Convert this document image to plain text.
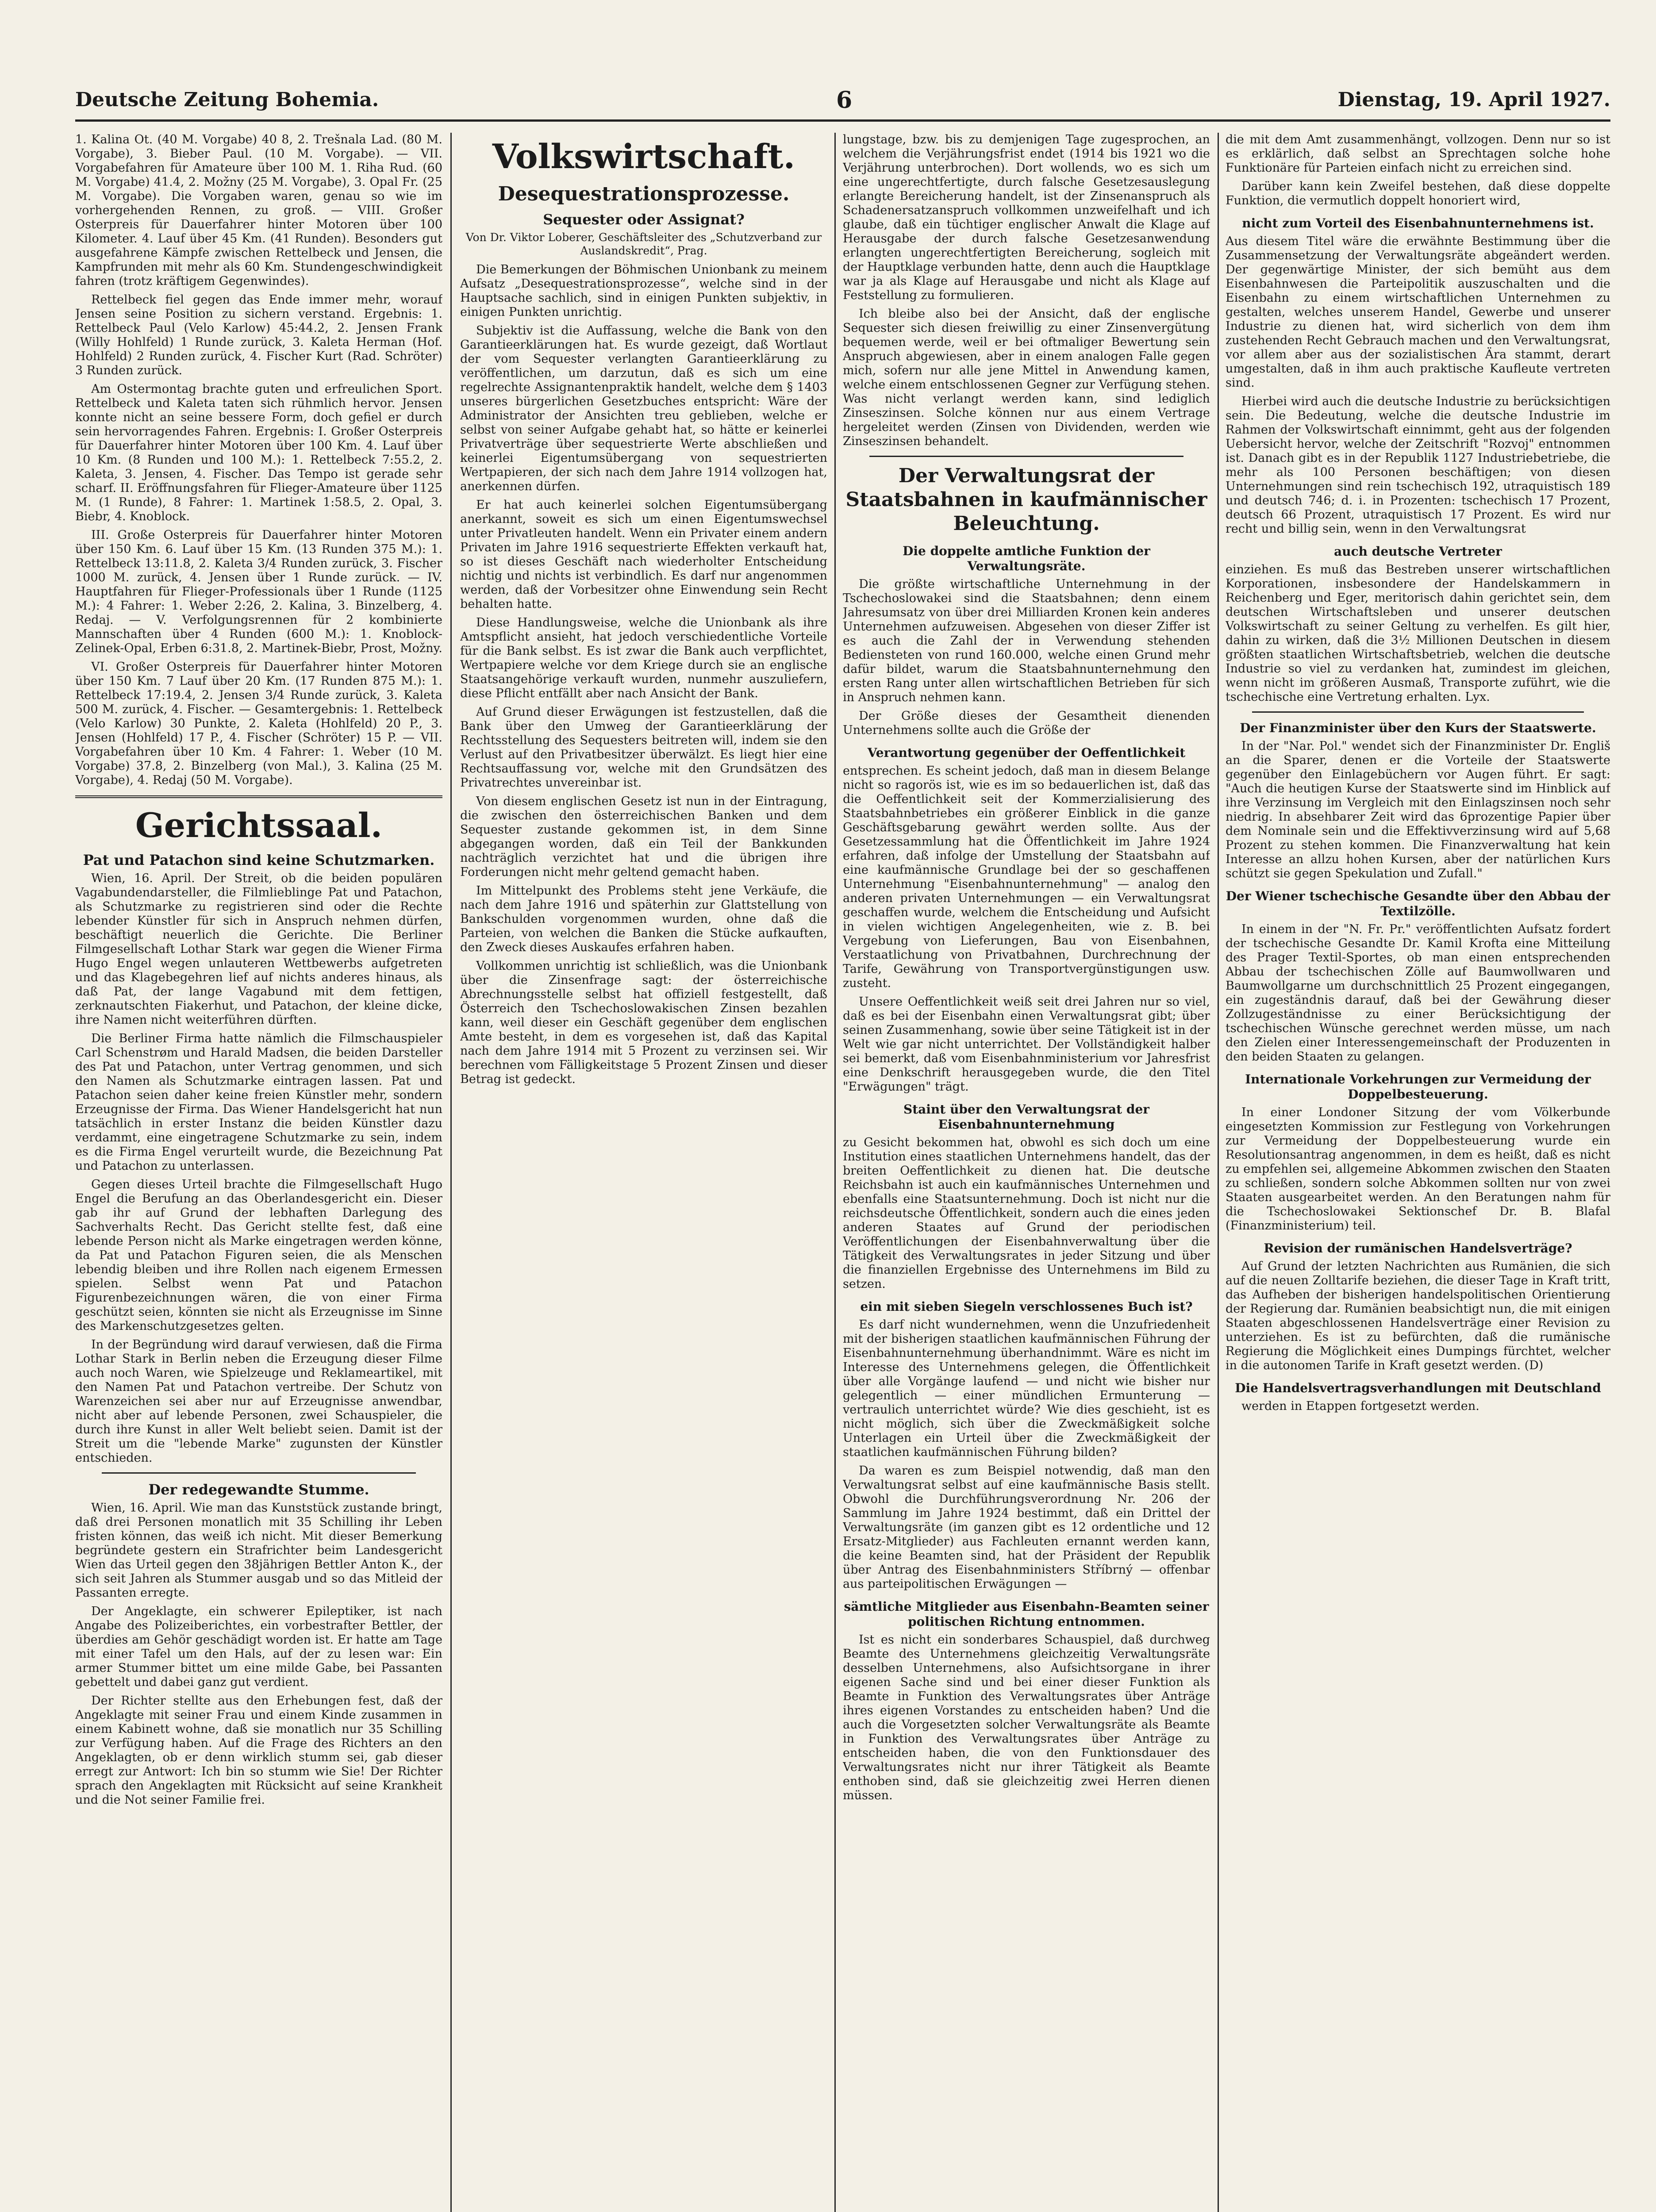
Deutsche Zeitung Bohemia.	6	Dienstag, 19. April 1927.

1. Kalina Ot. (40 M. Vorgabe) 40 8, 2. Trešnala Lad. (80 M. Vorgabe), 3. Bieber Paul. (10 M. Vorgabe). — VII. Vorgabefahren für Amateure über 100 M. 1. Riha Rud. (60 M. Vorgabe) 41.4, 2. Možny (25 M. Vorgabe), 3. Opal Fr. (25 M. Vorgabe). Die Vorgaben waren, genau so wie im vorhergehenden Rennen, zu groß. — VIII. Großer Osterpreis für Dauerfahrer hinter Motoren über 100 Kilometer. 4. Lauf über 45 Km. (41 Runden). Besonders gut ausgefahrene Kämpfe zwischen Rettelbeck und Jensen, die Kampfrunden mit mehr als 60 Km. Stundengeschwindigkeit fahren (trotz kräftigem Gegenwindes).

Rettelbeck fiel gegen das Ende immer mehr, worauf Jensen seine Position zu sichern verstand. Ergebnis: 1. Rettelbeck Paul (Velo Karlow) 45:44.2, 2. Jensen Frank (Willy Hohlfeld) 1 Runde zurück, 3. Kaleta Herman (Hof. Hohlfeld) 2 Runden zurück, 4. Fischer Kurt (Rad. Schröter) 3 Runden zurück.

Am Ostermontag brachte guten und erfreulichen Sport. Rettelbeck und Kaleta taten sich rühmlich hervor. Jensen konnte nicht an seine bessere Form, doch gefiel er durch sein hervorragendes Fahren. Ergebnis: I. Großer Osterpreis für Dauerfahrer hinter Motoren über 100 Km. 4. Lauf über 10 Km. (8 Runden und 100 M.): 1. Rettelbeck 7:55.2, 2. Kaleta, 3. Jensen, 4. Fischer. Das Tempo ist gerade sehr scharf. II. Eröffnungsfahren für Flieger-Amateure über 1125 M. (1 Runde), 8 Fahrer: 1. Martinek 1:58.5, 2. Opal, 3. Biebr, 4. Knoblock.

III. Große Osterpreis für Dauerfahrer hinter Motoren über 150 Km. 6. Lauf über 15 Km. (13 Runden 375 M.): 1. Rettelbeck 13:11.8, 2. Kaleta 3/4 Runden zurück, 3. Fischer 1000 M. zurück, 4. Jensen über 1 Runde zurück. — IV. Hauptfahren für Flieger-Professionals über 1 Runde (1125 M.): 4 Fahrer: 1. Weber 2:26, 2. Kalina, 3. Binzelberg, 4. Redaj. — V. Verfolgungsrennen für 2 kombinierte Mannschaften über 4 Runden (600 M.): 1. Knoblock-Zelinek-Opal, Erben 6:31.8, 2. Martinek-Biebr, Prost, Možny.

VI. Großer Osterpreis für Dauerfahrer hinter Motoren über 150 Km. 7 Lauf über 20 Km. (17 Runden 875 M.): 1. Rettelbeck 17:19.4, 2. Jensen 3/4 Runde zurück, 3. Kaleta 500 M. zurück, 4. Fischer. — Gesamtergebnis: 1. Rettelbeck (Velo Karlow) 30 Punkte, 2. Kaleta (Hohlfeld) 20 P., 3. Jensen (Hohlfeld) 17 P., 4. Fischer (Schröter) 15 P. — VII. Vorgabefahren über 10 Km. 4 Fahrer: 1. Weber (10 M. Vorgabe) 37.8, 2. Binzelberg (von Mal.), 3. Kalina (25 M. Vorgabe), 4. Redaj (50 M. Vorgabe).

Gerichtssaal.
Pat und Patachon sind keine Schutzmarken.

Wien, 16. April. Der Streit, ob die beiden populären Vagabundendarsteller, die Filmlieblinge Pat und Patachon, als Schutzmarke zu registrieren sind oder die Rechte lebender Künstler für sich in Anspruch nehmen dürfen, beschäftigt neuerlich die Gerichte. Die Berliner Filmgesellschaft Lothar Stark war gegen die Wiener Firma Hugo Engel wegen unlauteren Wettbewerbs aufgetreten und das Klagebegehren lief auf nichts anderes hinaus, als daß Pat, der lange Vagabund mit dem fettigen, zerknautschten Fiakerhut, und Patachon, der kleine dicke, ihre Namen nicht weiterführen dürften.

Die Berliner Firma hatte nämlich die Filmschauspieler Carl Schenstrøm und Harald Madsen, die beiden Darsteller des Pat und Patachon, unter Vertrag genommen, und sich den Namen als Schutzmarke eintragen lassen. Pat und Patachon seien daher keine freien Künstler mehr, sondern Erzeugnisse der Firma. Das Wiener Handelsgericht hat nun tatsächlich in erster Instanz die beiden Künstler dazu verdammt, eine eingetragene Schutzmarke zu sein, indem es die Firma Engel verurteilt wurde, die Bezeichnung Pat und Patachon zu unterlassen.

Gegen dieses Urteil brachte die Filmgesellschaft Hugo Engel die Berufung an das Oberlandesgericht ein. Dieser gab ihr auf Grund der lebhaften Darlegung des Sachverhalts Recht. Das Gericht stellte fest, daß eine lebende Person nicht als Marke eingetragen werden könne, da Pat und Patachon Figuren seien, die als Menschen lebendig bleiben und ihre Rollen nach eigenem Ermessen spielen. Selbst wenn Pat und Patachon Figurenbezeichnungen wären, die von einer Firma geschützt seien, könnten sie nicht als Erzeugnisse im Sinne des Markenschutzgesetzes gelten.

In der Begründung wird darauf verwiesen, daß die Firma Lothar Stark in Berlin neben die Erzeugung dieser Filme auch noch Waren, wie Spielzeuge und Reklameartikel, mit den Namen Pat und Patachon vertreibe. Der Schutz von Warenzeichen sei aber nur auf Erzeugnisse anwendbar, nicht aber auf lebende Personen, zwei Schauspieler, die durch ihre Kunst in aller Welt beliebt seien. Damit ist der Streit um die "lebende Marke" zugunsten der Künstler entschieden.

Der redegewandte Stumme.

Wien, 16. April. Wie man das Kunststück zustande bringt, daß drei Personen monatlich mit 35 Schilling ihr Leben fristen können, das weiß ich nicht. Mit dieser Bemerkung begründete gestern ein Strafrichter beim Landesgericht Wien das Urteil gegen den 38jährigen Bettler Anton K., der sich seit Jahren als Stummer ausgab und so das Mitleid der Passanten erregte.

Der Angeklagte, ein schwerer Epileptiker, ist nach Angabe des Polizeiberichtes, ein vorbestrafter Bettler, der überdies am Gehör geschädigt worden ist. Er hatte am Tage mit einer Tafel um den Hals, auf der zu lesen war: Ein armer Stummer bittet um eine milde Gabe, bei Passanten gebettelt und dabei ganz gut verdient.

Der Richter stellte aus den Erhebungen fest, daß der Angeklagte mit seiner Frau und einem Kinde zusammen in einem Kabinett wohne, daß sie monatlich nur 35 Schilling zur Verfügung haben. Auf die Frage des Richters an den Angeklagten, ob er denn wirklich stumm sei, gab dieser erregt zur Antwort: Ich bin so stumm wie Sie! Der Richter sprach den Angeklagten mit Rücksicht auf seine Krankheit und die Not seiner Familie frei.

Volkswirtschaft.
Desequestrationsprozesse.
Sequester oder Assignat?
Von Dr. Viktor Loberer, Geschäftsleiter des „Schutzverband zur Auslandskredit“, Prag.

Die Bemerkungen der Böhmischen Unionbank zu meinem Aufsatz „Desequestrationsprozesse“, welche sind in der Hauptsache sachlich, sind in einigen Punkten subjektiv, in einigen Punkten unrichtig.

Subjektiv ist die Auffassung, welche die Bank von den Garantieerklärungen hat. Es wurde gezeigt, daß Wortlaut der vom Sequester verlangten Garantieerklärung zu veröffentlichen, um darzutun, daß es sich um eine regelrechte Assignantenpraktik handelt, welche dem § 1403 unseres bürgerlichen Gesetzbuches entspricht: Wäre der Administrator der Ansichten treu geblieben, welche er selbst von seiner Aufgabe gehabt hat, so hätte er keinerlei Privatverträge über sequestrierte Werte abschließen und keinerlei Eigentumsübergang von sequestrierten Wertpapieren, der sich nach dem Jahre 1914 vollzogen hat, anerkennen dürfen.

Er hat auch keinerlei solchen Eigentumsübergang anerkannt, soweit es sich um einen Eigentumswechsel unter Privatleuten handelt. Wenn ein Privater einem andern Privaten im Jahre 1916 sequestrierte Effekten verkauft hat, so ist dieses Geschäft nach wiederholter Entscheidung nichtig und nichts ist verbindlich. Es darf nur angenommen werden, daß der Vorbesitzer ohne Einwendung sein Recht behalten hatte.

Diese Handlungsweise, welche die Unionbank als ihre Amtspflicht ansieht, hat jedoch verschiedentliche Vorteile für die Bank selbst. Es ist zwar die Bank auch verpflichtet, Wertpapiere welche vor dem Kriege durch sie an englische Staatsangehörige verkauft wurden, nunmehr auszuliefern, diese Pflicht entfällt aber nach Ansicht der Bank.

Auf Grund dieser Erwägungen ist festzustellen, daß die Bank über den Umweg der Garantieerklärung der Rechtsstellung des Sequesters beitreten will, indem sie den Verlust auf den Privatbesitzer überwälzt. Es liegt hier eine Rechtsauffassung vor, welche mit den Grundsätzen des Privatrechtes unvereinbar ist.

Von diesem englischen Gesetz ist nun in der Eintragung, die zwischen den österreichischen Banken und dem Sequester zustande gekommen ist, in dem Sinne abgegangen worden, daß ein Teil der Bankkunden nachträglich verzichtet hat und die übrigen ihre Forderungen nicht mehr geltend gemacht haben.

Im Mittelpunkt des Problems steht jene Verkäufe, die nach dem Jahre 1916 und späterhin zur Glattstellung von Bankschulden vorgenommen wurden, ohne daß die Parteien, von welchen die Banken die Stücke aufkauften, den Zweck dieses Auskaufes erfahren haben.

Vollkommen unrichtig ist schließlich, was die Unionbank über die Zinsenfrage sagt: der österreichische Abrechnungsstelle selbst hat offiziell festgestellt, daß Österreich den Tschechoslowakischen Zinsen bezahlen kann, weil dieser ein Geschäft gegenüber dem englischen Amte besteht, in dem es vorgesehen ist, daß das Kapital nach dem Jahre 1914 mit 5 Prozent zu verzinsen sei. Wir berechnen vom Fälligkeitstage 5 Prozent Zinsen und dieser Betrag ist gedeckt.

lungstage, bzw. bis zu demjenigen Tage zugesprochen, an welchem die Verjährungsfrist endet (1914 bis 1921 wo die Verjährung unterbrochen). Dort wollends, wo es sich um eine ungerechtfertigte, durch falsche Gesetzesauslegung erlangte Bereicherung handelt, ist der Zinsenanspruch als Schadenersatzanspruch vollkommen unzweifelhaft und ich glaube, daß ein tüchtiger englischer Anwalt die Klage auf Herausgabe der durch falsche Gesetzesanwendung erlangten ungerechtfertigten Bereicherung, sogleich mit der Hauptklage verbunden hatte, denn auch die Hauptklage war ja als Klage auf Herausgabe und nicht als Klage auf Feststellung zu formulieren.

Ich bleibe also bei der Ansicht, daß der englische Sequester sich diesen freiwillig zu einer Zinsenvergütung bequemen werde, weil er bei oftmaliger Bewertung sein Anspruch abgewiesen, aber in einem analogen Falle gegen mich, sofern nur alle jene Mittel in Anwendung kamen, welche einem entschlossenen Gegner zur Verfügung stehen. Was nicht verlangt werden kann, sind lediglich Zinseszinsen. Solche können nur aus einem Vertrage hergeleitet werden (Zinsen von Dividenden, werden wie Zinseszinsen behandelt.

Der Verwaltungsrat der Staatsbahnen in kaufmännischer Beleuchtung.
Die doppelte amtliche Funktion der Verwaltungsräte.

Die größte wirtschaftliche Unternehmung in der Tschechoslowakei sind die Staatsbahnen; denn einem Jahresumsatz von über drei Milliarden Kronen kein anderes Unternehmen aufzuweisen. Abgesehen von dieser Ziffer ist es auch die Zahl der in Verwendung stehenden Bediensteten von rund 160.000, welche einen Grund mehr dafür bildet, warum die Staatsbahnunternehmung den ersten Rang unter allen wirtschaftlichen Betrieben für sich in Anspruch nehmen kann.

Der Größe dieses der Gesamtheit dienenden Unternehmens sollte auch die Größe der

Verantwortung gegenüber der Oeffentlichkeit

entsprechen. Es scheint jedoch, daß man in diesem Belange nicht so ragorös ist, wie es im so bedauerlichen ist, daß das die Oeffentlichkeit seit der Kommerzialisierung des Staatsbahnbetriebes ein größerer Einblick in die ganze Geschäftsgebarung gewährt werden sollte. Aus der Gesetzessammlung hat die Öffentlichkeit im Jahre 1924 erfahren, daß infolge der Umstellung der Staatsbahn auf eine kaufmännische Grundlage bei der so geschaffenen Unternehmung "Eisenbahnunternehmung" — analog den anderen privaten Unternehmungen — ein Verwaltungsrat geschaffen wurde, welchem die Entscheidung und Aufsicht in vielen wichtigen Angelegenheiten, wie z. B. bei Vergebung von Lieferungen, Bau von Eisenbahnen, Verstaatlichung von Privatbahnen, Durchrechnung der Tarife, Gewährung von Transportvergünstigungen usw. zusteht.

Unsere Oeffentlichkeit weiß seit drei Jahren nur so viel, daß es bei der Eisenbahn einen Verwaltungsrat gibt; über seinen Zusammenhang, sowie über seine Tätigkeit ist in der Welt wie gar nicht unterrichtet. Der Vollständigkeit halber sei bemerkt, daß vom Eisenbahnministerium vor Jahresfrist eine Denkschrift herausgegeben wurde, die den Titel "Erwägungen" trägt.

Staint über den Verwaltungsrat der Eisenbahnunternehmung

zu Gesicht bekommen hat, obwohl es sich doch um eine Institution eines staatlichen Unternehmens handelt, das der breiten Oeffentlichkeit zu dienen hat. Die deutsche Reichsbahn ist auch ein kaufmännisches Unternehmen und ebenfalls eine Staatsunternehmung. Doch ist nicht nur die reichsdeutsche Öffentlichkeit, sondern auch die eines jeden anderen Staates auf Grund der periodischen Veröffentlichungen der Eisenbahnverwaltung über die Tätigkeit des Verwaltungsrates in jeder Sitzung und über die finanziellen Ergebnisse des Unternehmens im Bild zu setzen.

ein mit sieben Siegeln verschlossenes Buch ist?

Es darf nicht wundernehmen, wenn die Unzufriedenheit mit der bisherigen staatlichen kaufmännischen Führung der Eisenbahnunternehmung überhandnimmt. Wäre es nicht im Interesse des Unternehmens gelegen, die Öffentlichkeit über alle Vorgänge laufend — und nicht wie bisher nur gelegentlich — einer mündlichen Ermunterung — vertraulich unterrichtet würde? Wie dies geschieht, ist es nicht möglich, sich über die Zweckmäßigkeit solche Unterlagen ein Urteil über die Zweckmäßigkeit der staatlichen kaufmännischen Führung bilden?

Da waren es zum Beispiel notwendig, daß man den Verwaltungsrat selbst auf eine kaufmännische Basis stellt. Obwohl die Durchführungsverordnung Nr. 206 der Sammlung im Jahre 1924 bestimmt, daß ein Drittel der Verwaltungsräte (im ganzen gibt es 12 ordentliche und 12 Ersatz-Mitglieder) aus Fachleuten ernannt werden kann, die keine Beamten sind, hat der Präsident der Republik über Antrag des Eisenbahnministers Stříbrný — offenbar aus parteipolitischen Erwägungen —

sämtliche Mitglieder aus Eisenbahn-Beamten seiner politischen Richtung entnommen.

Ist es nicht ein sonderbares Schauspiel, daß durchweg Beamte des Unternehmens gleichzeitig Verwaltungsräte desselben Unternehmens, also Aufsichtsorgane in ihrer eigenen Sache sind und bei einer dieser Funktion als Beamte in Funktion des Verwaltungsrates über Anträge ihres eigenen Vorstandes zu entscheiden haben? Und die auch die Vorgesetzten solcher Verwaltungsräte als Beamte in Funktion des Verwaltungsrates über Anträge zu entscheiden haben, die von den Funktionsdauer des Verwaltungsrates nicht nur ihrer Tätigkeit als Beamte enthoben sind, daß sie gleichzeitig zwei Herren dienen müssen.

die mit dem Amt zusammenhängt, vollzogen. Denn nur so ist es erklärlich, daß selbst an Sprechtagen solche hohe Funktionäre für Parteien einfach nicht zu erreichen sind.

Darüber kann kein Zweifel bestehen, daß diese doppelte Funktion, die vermutlich doppelt honoriert wird,

nicht zum Vorteil des Eisenbahnunternehmens ist.

Aus diesem Titel wäre die erwähnte Bestimmung über die Zusammensetzung der Verwaltungsräte abgeändert werden. Der gegenwärtige Minister, der sich bemüht aus dem Eisenbahnwesen die Parteipolitik auszuschalten und die Eisenbahn zu einem wirtschaftlichen Unternehmen zu gestalten, welches unserem Handel, Gewerbe und unserer Industrie zu dienen hat, wird sicherlich von dem ihm zustehenden Recht Gebrauch machen und den Verwaltungsrat, vor allem aber aus der sozialistischen Ära stammt, derart umgestalten, daß in ihm auch praktische Kaufleute vertreten sind.

Hierbei wird auch die deutsche Industrie zu berücksichtigen sein. Die Bedeutung, welche die deutsche Industrie im Rahmen der Volkswirtschaft einnimmt, geht aus der folgenden Uebersicht hervor, welche der Zeitschrift "Rozvoj" entnommen ist. Danach gibt es in der Republik 1127 Industriebetriebe, die mehr als 100 Personen beschäftigen; von diesen Unternehmungen sind rein tschechisch 192, utraquistisch 189 und deutsch 746; d. i. in Prozenten: tschechisch 17 Prozent, deutsch 66 Prozent, utraquistisch 17 Prozent. Es wird nur recht und billig sein, wenn in den Verwaltungsrat

auch deutsche Vertreter

einziehen. Es muß das Bestreben unserer wirtschaftlichen Korporationen, insbesondere der Handelskammern in Reichenberg und Eger, meritorisch dahin gerichtet sein, dem deutschen Wirtschaftsleben und unserer deutschen Volkswirtschaft zu seiner Geltung zu verhelfen. Es gilt hier, dahin zu wirken, daß die 3½ Millionen Deutschen in diesem größten staatlichen Wirtschaftsbetrieb, welchen die deutsche Industrie so viel zu verdanken hat, zumindest im gleichen, wenn nicht im größeren Ausmaß, Transporte zuführt, wie die tschechische eine Vertretung erhalten. Lyx.

Der Finanzminister über den Kurs der Staatswerte.

In der "Nar. Pol." wendet sich der Finanzminister Dr. Engliš an die Sparer, denen er die Vorteile der Staatswerte gegenüber den Einlagebüchern vor Augen führt. Er sagt: "Auch die heutigen Kurse der Staatswerte sind im Hinblick auf ihre Verzinsung im Vergleich mit den Einlagszinsen noch sehr niedrig. In absehbarer Zeit wird das 6prozentige Papier über dem Nominale sein und die Effektivverzinsung wird auf 5,68 Prozent zu stehen kommen. Die Finanzverwaltung hat kein Interesse an allzu hohen Kursen, aber der natürlichen Kurs schützt sie gegen Spekulation und Zufall."

Der Wiener tschechische Gesandte über den Abbau der Textilzölle.

In einem in der "N. Fr. Pr." veröffentlichten Aufsatz fordert der tschechische Gesandte Dr. Kamil Krofta eine Mitteilung des Prager Textil-Sportes, ob man einen entsprechenden Abbau der tschechischen Zölle auf Baumwollwaren und Baumwollgarne um durchschnittlich 25 Prozent eingegangen, ein zugeständnis darauf, daß bei der Gewährung dieser Zollzugeständnisse zu einer Berücksichtigung der tschechischen Wünsche gerechnet werden müsse, um nach den Zielen einer Interessengemeinschaft der Produzenten in den beiden Staaten zu gelangen.

Internationale Vorkehrungen zur Vermeidung der Doppelbesteuerung.

In einer Londoner Sitzung der vom Völkerbunde eingesetzten Kommission zur Festlegung von Vorkehrungen zur Vermeidung der Doppelbesteuerung wurde ein Resolutionsantrag angenommen, in dem es heißt, daß es nicht zu empfehlen sei, allgemeine Abkommen zwischen den Staaten zu schließen, sondern solche Abkommen sollten nur von zwei Staaten ausgearbeitet werden. An den Beratungen nahm für die Tschechoslowakei Sektionschef Dr. B. Blafal (Finanzministerium) teil.

Revision der rumänischen Handelsverträge?

Auf Grund der letzten Nachrichten aus Rumänien, die sich auf die neuen Zolltarife beziehen, die dieser Tage in Kraft tritt, das Aufheben der bisherigen handelspolitischen Orientierung der Regierung dar. Rumänien beabsichtigt nun, die mit einigen Staaten abgeschlossenen Handelsverträge einer Revision zu unterziehen. Es ist zu befürchten, daß die rumänische Regierung die Möglichkeit eines Dumpings fürchtet, welcher in die autonomen Tarife in Kraft gesetzt werden. (D)

Die Handelsvertragsverhandlungen mit Deutschland

werden in Etappen fortgesetzt werden.
